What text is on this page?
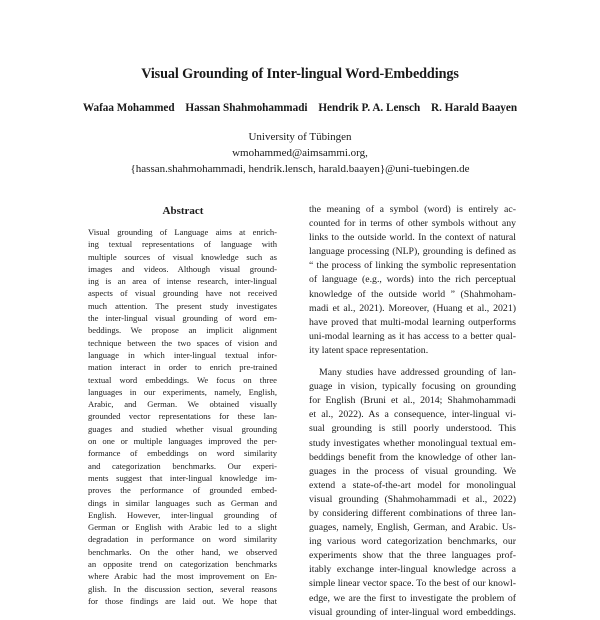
Visual Grounding of Inter-lingual Word-Embeddings
Wafaa Mohammed Hassan Shahmohammadi Hendrik P. A. Lensch R. Harald Baayen
University of Tübingen
wmohammed@aimsammi.org,
{hassan.shahmohammadi, hendrik.lensch, harald.baayen}@uni-tuebingen.de
Abstract
Visual grounding of Language aims at enrich-
ing textual representations of language with
multiple sources of visual knowledge such as
images and videos. Although visual ground-
ing is an area of intense research, inter-lingual
aspects of visual grounding have not received
much attention. The present study investigates
the inter-lingual visual grounding of word em-
beddings. We propose an implicit alignment
technique between the two spaces of vision and
language in which inter-lingual textual infor-
mation interact in order to enrich pre-trained
textual word embeddings. We focus on three
languages in our experiments, namely, English,
Arabic, and German. We obtained visually
grounded vector representations for these lan-
guages and studied whether visual grounding
on one or multiple languages improved the per-
formance of embeddings on word similarity
and categorization benchmarks. Our experi-
ments suggest that inter-lingual knowledge im-
proves the performance of grounded embed-
dings in similar languages such as German and
English. However, inter-lingual grounding of
German or English with Arabic led to a slight
degradation in performance on word similarity
benchmarks. On the other hand, we observed
an opposite trend on categorization benchmarks
where Arabic had the most improvement on En-
glish. In the discussion section, several reasons
for those findings are laid out. We hope that
the meaning of a symbol (word) is entirely ac-
counted for in terms of other symbols without any
links to the outside world. In the context of natural
language processing (NLP), grounding is defined as
“ the process of linking the symbolic representation
of language (e.g., words) into the rich perceptual
knowledge of the outside world ” (Shahmoham-
madi et al., 2021). Moreover, (Huang et al., 2021)
have proved that multi-modal learning outperforms
uni-modal learning as it has access to a better qual-
ity latent space representation.
Many studies have addressed grounding of lan-
guage in vision, typically focusing on grounding
for English (Bruni et al., 2014; Shahmohammadi
et al., 2022). As a consequence, inter-lingual vi-
sual grounding is still poorly understood. This
study investigates whether monolingual textual em-
beddings benefit from the knowledge of other lan-
guages in the process of visual grounding. We
extend a state-of-the-art model for monolingual
visual grounding (Shahmohammadi et al., 2022)
by considering different combinations of three lan-
guages, namely, English, German, and Arabic. Us-
ing various word categorization benchmarks, our
experiments show that the three languages prof-
itably exchange inter-lingual knowledge across a
simple linear vector space. To the best of our knowl-
edge, we are the first to investigate the problem of
visual grounding of inter-lingual word embeddings.
